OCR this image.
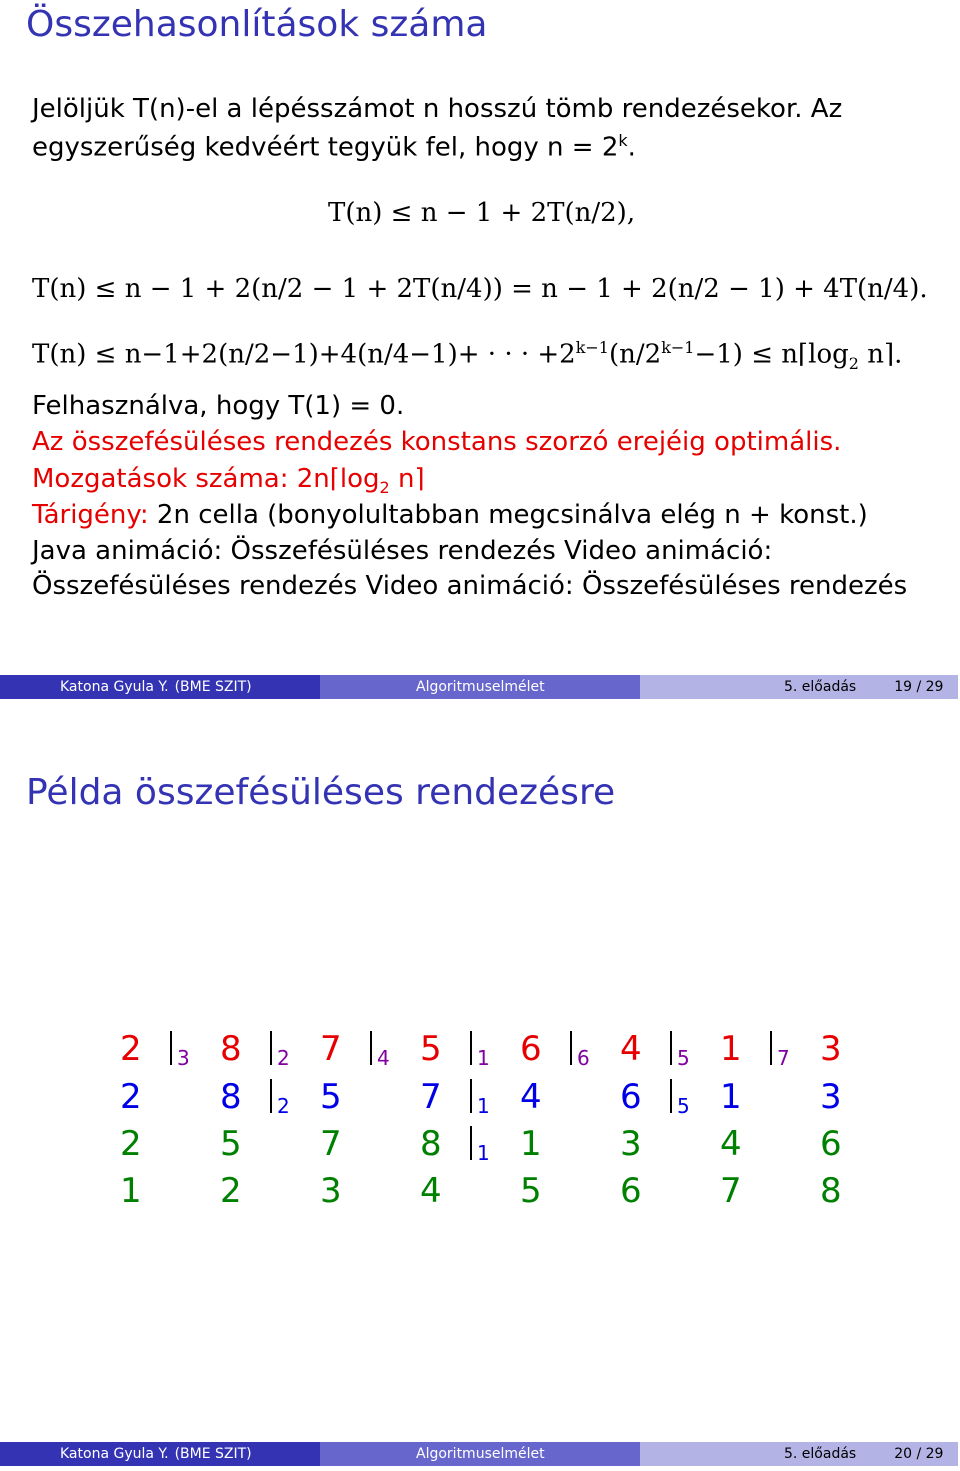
Összehasonlítások száma
Jelöljük T(n)-el a lépésszámot n hosszú tömb rendezésekor. Az
egyszerűség kedvéért tegyük fel, hogy $n = 2^k$.
T(n) ≤ n − 1 + 2T(n/2),
T(n) ≤ n − 1 + 2(n/2 − 1 + 2T(n/4)) = n − 1 + 2(n/2 − 1) + 4T(n/4).
T(n) ≤ n−1+2(n/2−1)+4(n/4−1)+ · · · $+2^{k-1}(n/2^{k-1}-1)$ ≤ $n⌈\log_2$ n⌉.
Felhasználva, hogy T(1) = 0.
Az összefésüléses rendezés konstans szorzó erejéig optimális.
Mozgatások száma: $2n⌈\log_2$ n⌉
Tárigény: 2n cella (bonyolultabban megcsinálva elég n + konst.)
Java animáció: Összefésüléses rendezés Video animáció:
Összefésüléses rendezés Video animáció: Összefésüléses rendezés
Katona Gyula Y. (BME SZIT)	Algoritmuselmélet	5. előadás	19 / 29
Példa összefésüléses rendezésre
2 8 7 5 6 4 1 3
3	2	4	1	6	5	7
2 8 5 7 4 6 1 3
2	1	5
2 5 7 8 1 3 4 6
1
1 2 3 4 5 6 7 8
Katona Gyula Y. (BME SZIT)	Algoritmuselmélet	5. előadás	20 / 29
